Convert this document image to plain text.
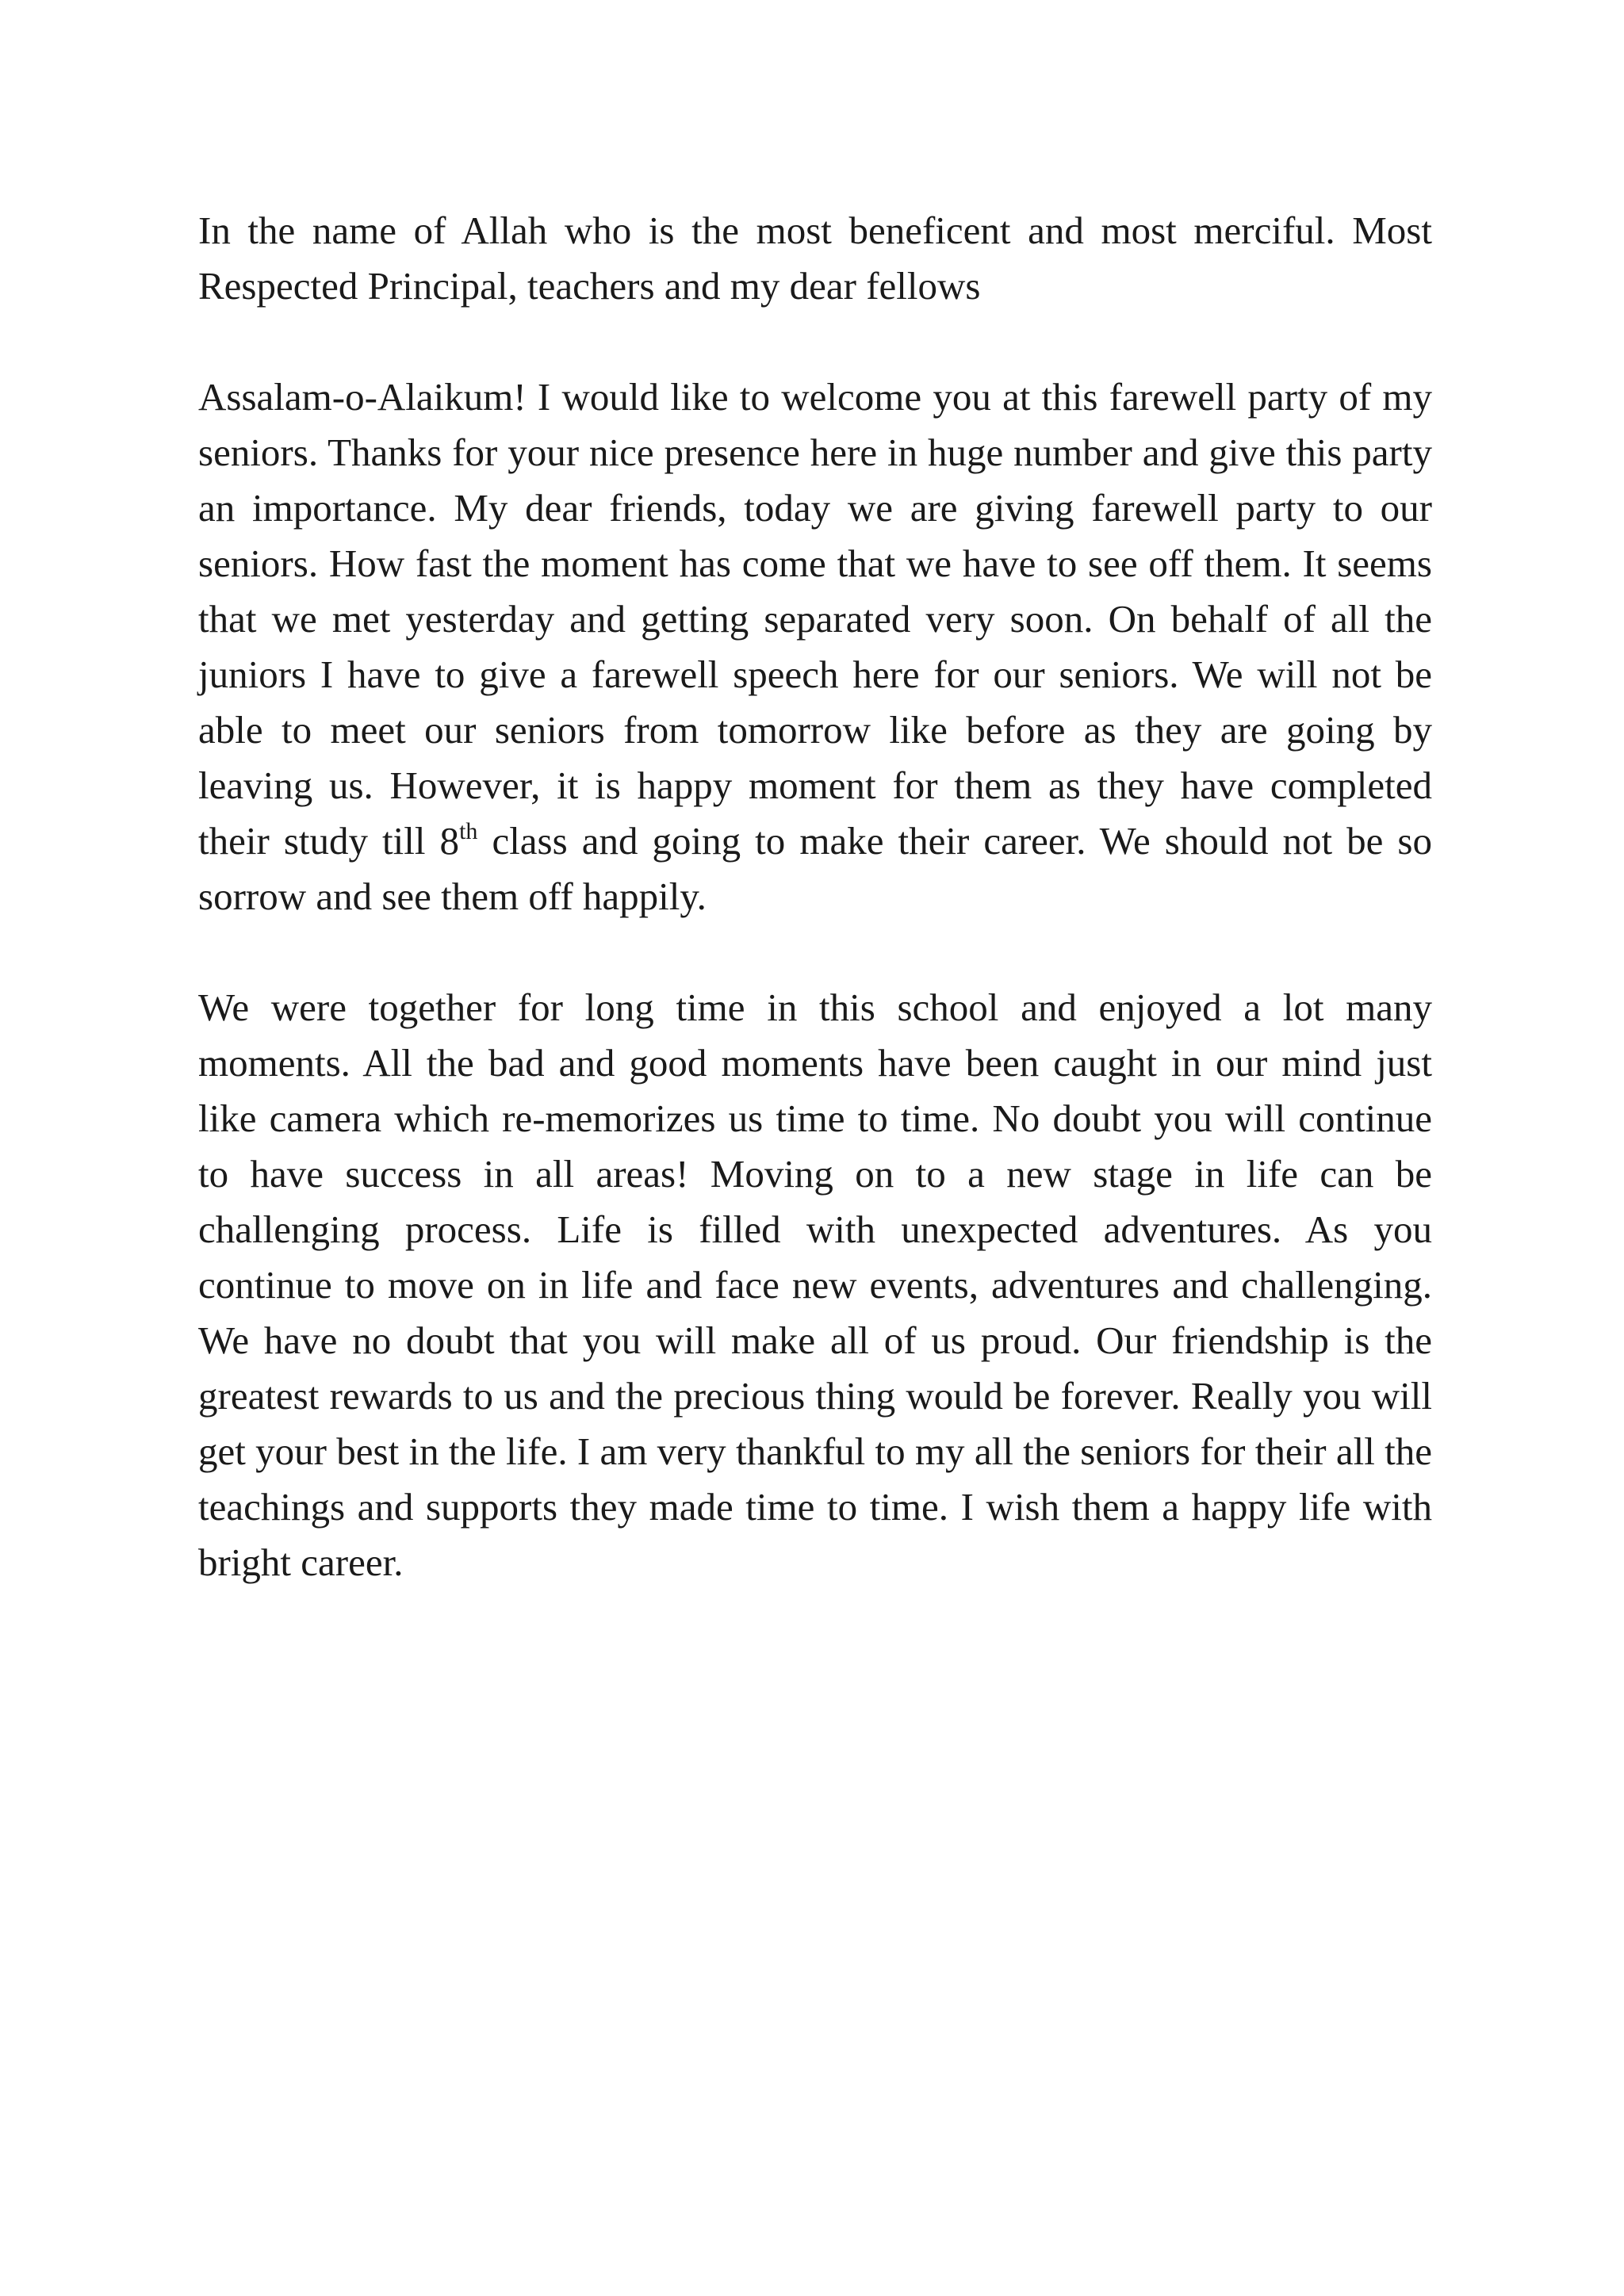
In the name of Allah who is the most beneficent and most merciful. Most Respected Principal, teachers and my dear fellows

Assalam-o-Alaikum! I would like to welcome you at this farewell party of my seniors. Thanks for your nice presence here in huge number and give this party an importance. My dear friends, today we are giving farewell party to our seniors. How fast the moment has come that we have to see off them. It seems that we met yesterday and getting separated very soon. On behalf of all the juniors I have to give a farewell speech here for our seniors. We will not be able to meet our seniors from tomorrow like before as they are going by leaving us. However, it is happy moment for them as they have completed their study till 8th class and going to make their career. We should not be so sorrow and see them off happily.

We were together for long time in this school and enjoyed a lot many moments. All the bad and good moments have been caught in our mind just like camera which re-memorizes us time to time. No doubt you will continue to have success in all areas! Moving on to a new stage in life can be challenging process. Life is filled with unexpected adventures. As you continue to move on in life and face new events, adventures and challenging. We have no doubt that you will make all of us proud. Our friendship is the greatest rewards to us and the precious thing would be forever. Really you will get your best in the life. I am very thankful to my all the seniors for their all the teachings and supports they made time to time. I wish them a happy life with bright career.
